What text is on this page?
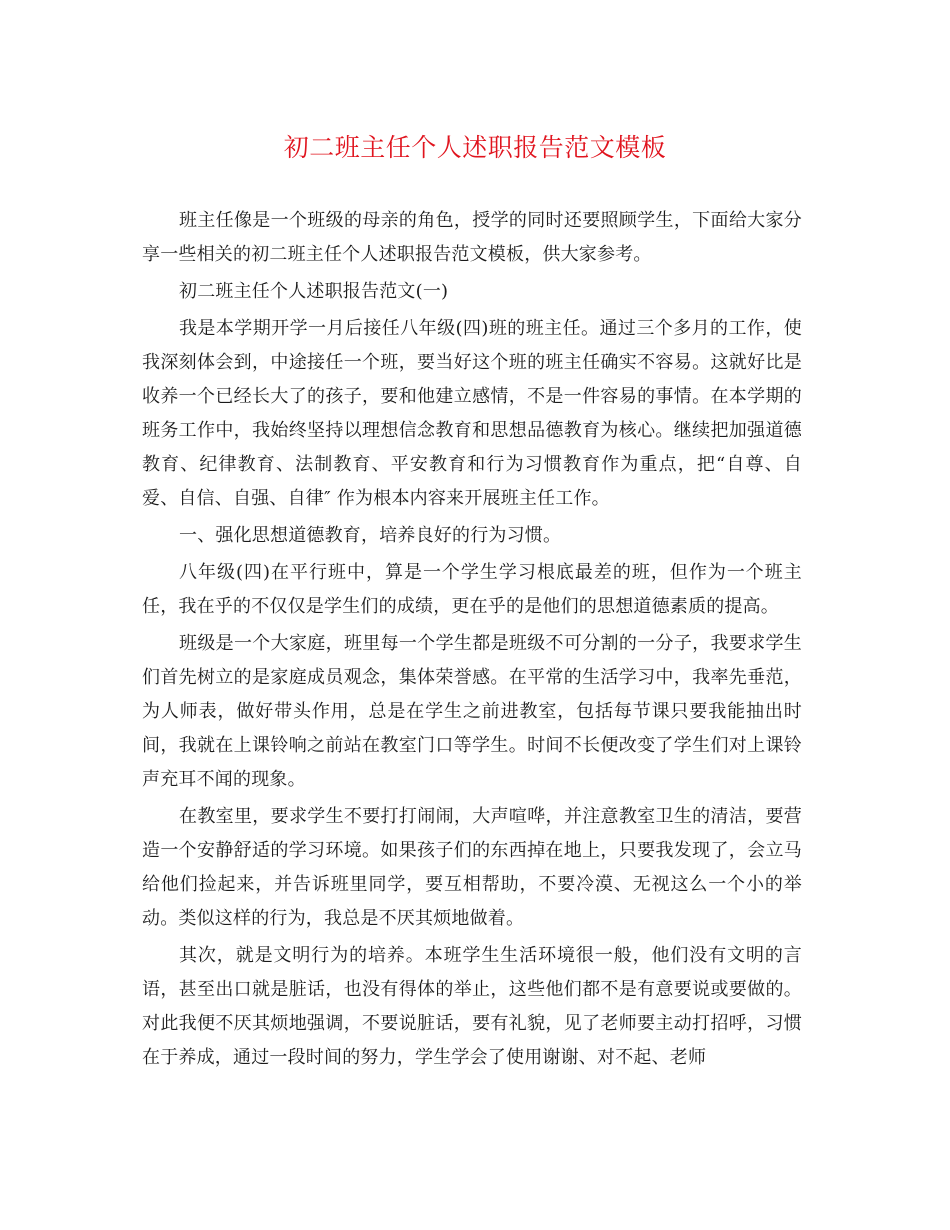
初二班主任个人述职报告范文模板

班主任像是一个班级的母亲的角色，授学的同时还要照顾学生，下面给大家分享一些相关的初二班主任个人述职报告范文模板，供大家参考。

初二班主任个人述职报告范文(一)

我是本学期开学一月后接任八年级(四)班的班主任。通过三个多月的工作，使我深刻体会到，中途接任一个班，要当好这个班的班主任确实不容易。这就好比是收养一个已经长大了的孩子，要和他建立感情，不是一件容易的事情。在本学期的班务工作中，我始终坚持以理想信念教育和思想品德教育为核心。继续把加强道德教育、纪律教育、法制教育、平安教育和行为习惯教育作为重点，把“自尊、自爱、自信、自强、自律″ 作为根本内容来开展班主任工作。

一、强化思想道德教育，培养良好的行为习惯。

八年级(四)在平行班中，算是一个学生学习根底最差的班，但作为一个班主任，我在乎的不仅仅是学生们的成绩，更在乎的是他们的思想道德素质的提高。

班级是一个大家庭，班里每一个学生都是班级不可分割的一分子，我要求学生们首先树立的是家庭成员观念，集体荣誉感。在平常的生活学习中，我率先垂范，为人师表，做好带头作用，总是在学生之前进教室，包括每节课只要我能抽出时间，我就在上课铃响之前站在教室门口等学生。时间不长便改变了学生们对上课铃声充耳不闻的现象。

在教室里，要求学生不要打打闹闹，大声喧哗，并注意教室卫生的清洁，要营造一个安静舒适的学习环境。如果孩子们的东西掉在地上，只要我发现了，会立马给他们捡起来，并告诉班里同学，要互相帮助，不要冷漠、无视这么一个小的举动。类似这样的行为，我总是不厌其烦地做着。

其次，就是文明行为的培养。本班学生生活环境很一般，他们没有文明的言语，甚至出口就是脏话，也没有得体的举止，这些他们都不是有意要说或要做的。对此我便不厌其烦地强调，不要说脏话，要有礼貌，见了老师要主动打招呼，习惯在于养成，通过一段时间的努力，学生学会了使用谢谢、对不起、老师
